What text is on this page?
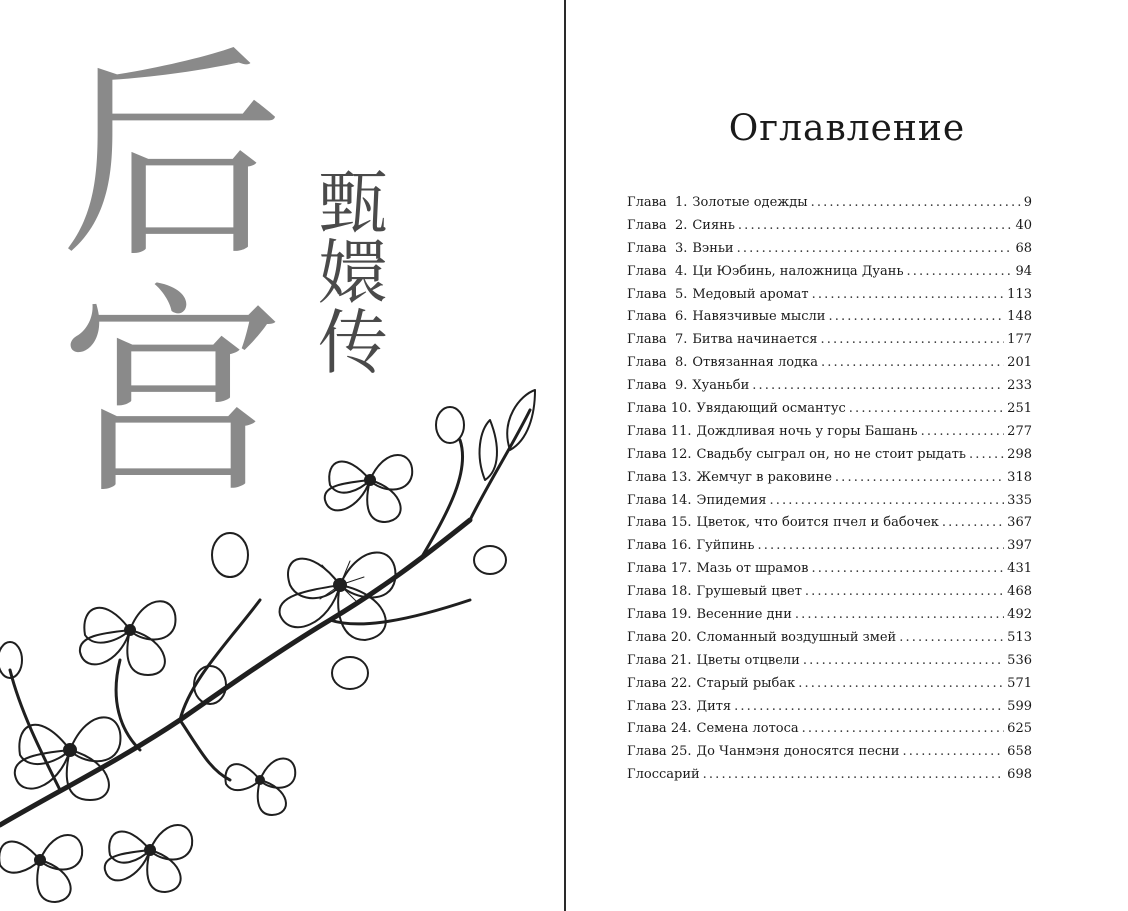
后
宫
甄
嬛
传
Оглавление
Глава  1. Золотые одежды . . .	9
Глава  2. Сиянь . . .	40
Глава  3. Вэньи . . .	68
Глава  4. Ци Юэбинь, наложница Дуань . . .	94
Глава  5. Медовый аромат . . .	113
Глава  6. Навязчивые мысли . . .	148
Глава  7. Битва начинается . . .	177
Глава  8. Отвязанная лодка . . .	201
Глава  9. Хуаньби . . .	233
Глава 10. Увядающий османтус . . .	251
Глава 11. Дождливая ночь у горы Башань . . .	277
Глава 12. Свадьбу сыграл он, но не стоит рыдать . . .	298
Глава 13. Жемчуг в раковине . . .	318
Глава 14. Эпидемия . . .	335
Глава 15. Цветок, что боится пчел и бабочек . . .	367
Глава 16. Гуйпинь . . .	397
Глава 17. Мазь от шрамов . . .	431
Глава 18. Грушевый цвет . . .	468
Глава 19. Весенние дни . . .	492
Глава 20. Сломанный воздушный змей . . .	513
Глава 21. Цветы отцвели . . .	536
Глава 22. Старый рыбак . . .	571
Глава 23. Дитя . . .	599
Глава 24. Семена лотоса . . .	625
Глава 25. До Чанмэня доносятся песни . . .	658
Глоссарий . . .	698
